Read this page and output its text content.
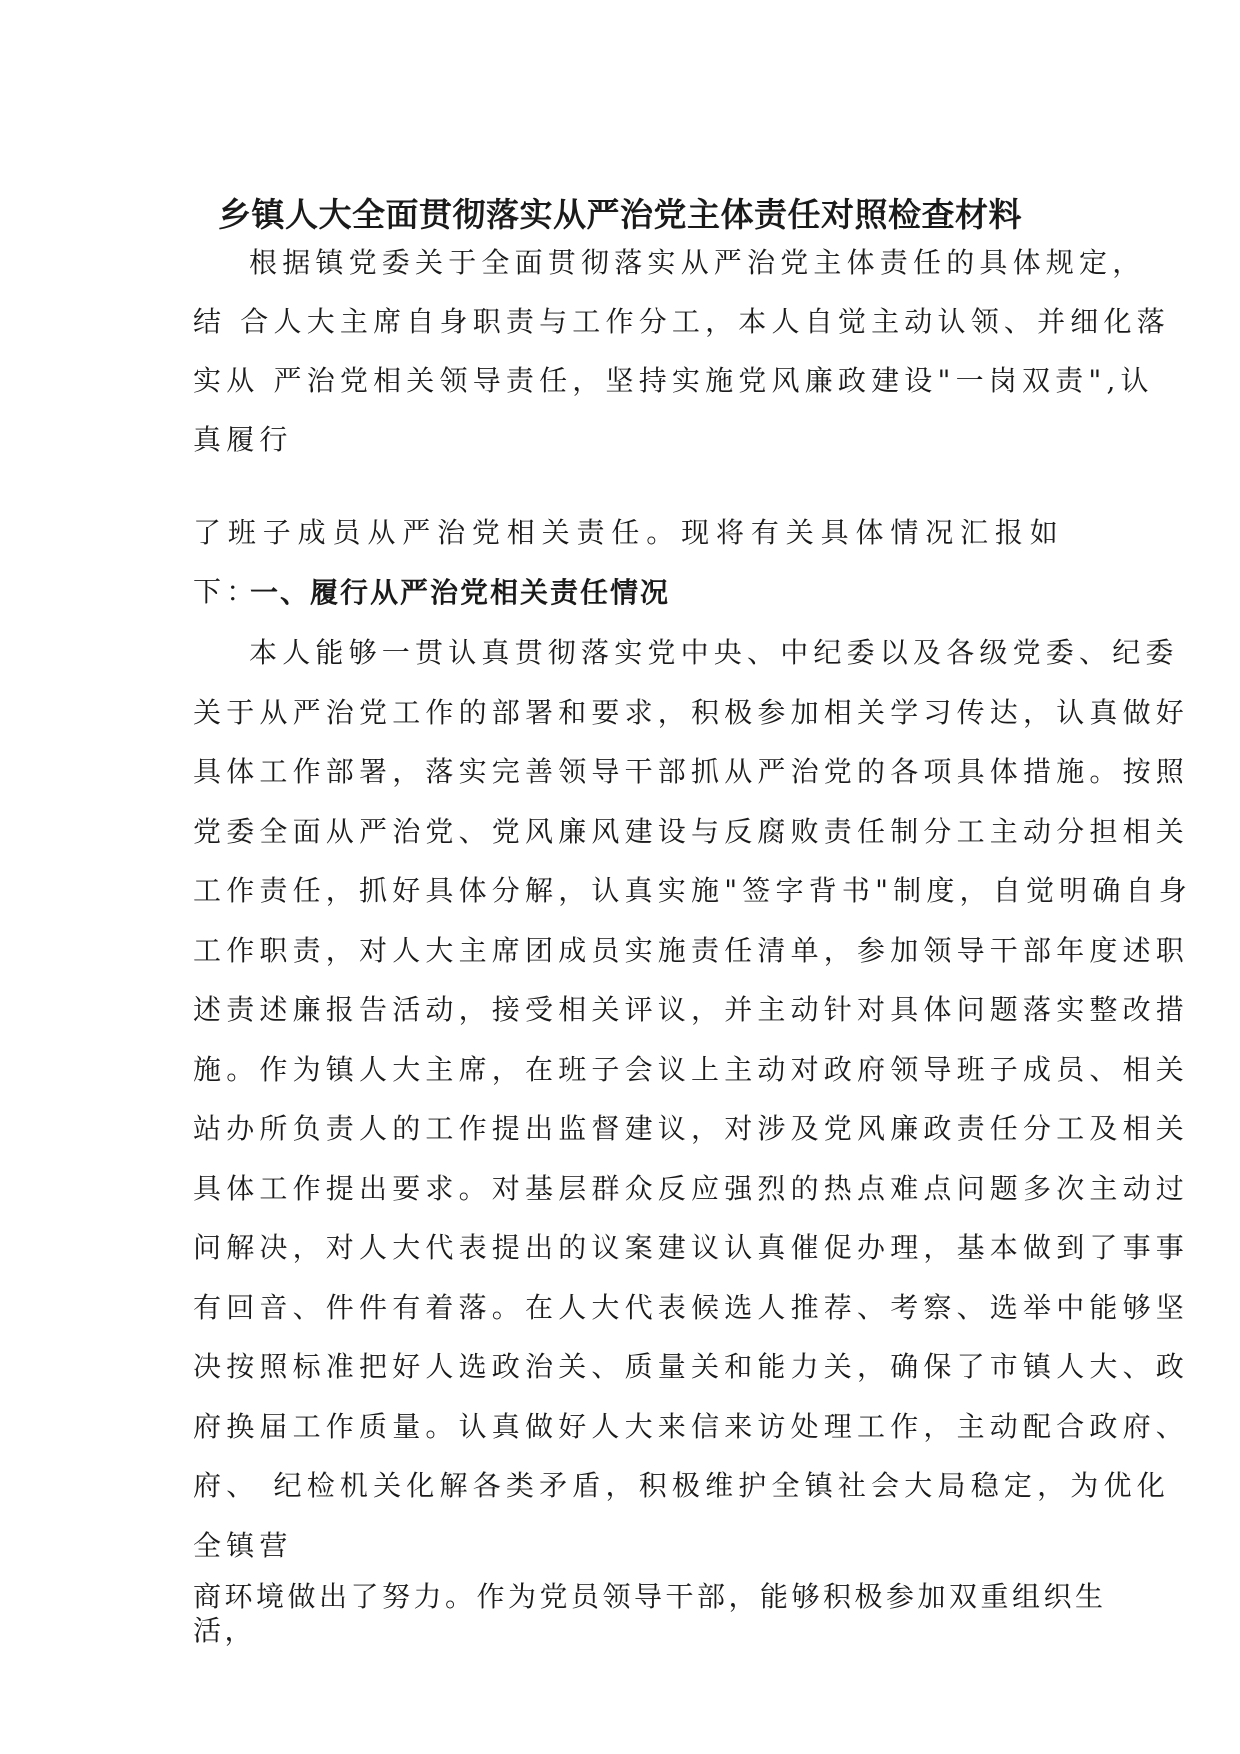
乡镇人大全面贯彻落实从严治党主体责任对照检查材料
根据镇党委关于全面贯彻落实从严治党主体责任的具体规定，
结 合人大主席自身职责与工作分工，本人自觉主动认领、并细化落
实从 严治党相关领导责任，坚持实施党风廉政建设"一岗双责",认
真履行

了班子成员从严治党相关责任。现将有关具体情况汇报如下：

一、履行从严治党相关责任情况
本人能够一贯认真贯彻落实党中央、中纪委以及各级党委、纪委
关于从严治党工作的部署和要求，积极参加相关学习传达，认真做好
具体工作部署，落实完善领导干部抓从严治党的各项具体措施。按照
党委全面从严治党、党风廉风建设与反腐败责任制分工主动分担相关
工作责任，抓好具体分解，认真实施"签字背书"制度，自觉明确自身
工作职责，对人大主席团成员实施责任清单，参加领导干部年度述职
述责述廉报告活动，接受相关评议，并主动针对具体问题落实整改措
施。作为镇人大主席，在班子会议上主动对政府领导班子成员、相关
站办所负责人的工作提出监督建议，对涉及党风廉政责任分工及相关
具体工作提出要求。对基层群众反应强烈的热点难点问题多次主动过
问解决，对人大代表提出的议案建议认真催促办理，基本做到了事事
有回音、件件有着落。在人大代表候选人推荐、考察、选举中能够坚
决按照标准把好人选政治关、质量关和能力关，确保了市镇人大、政
府换届工作质量。认真做好人大来信来访处理工作，主动配合政府、
府、 纪检机关化解各类矛盾，积极维护全镇社会大局稳定，为优化
全镇营
商环境做出了努力。作为党员领导干部，能够积极参加双重组织生
活，
